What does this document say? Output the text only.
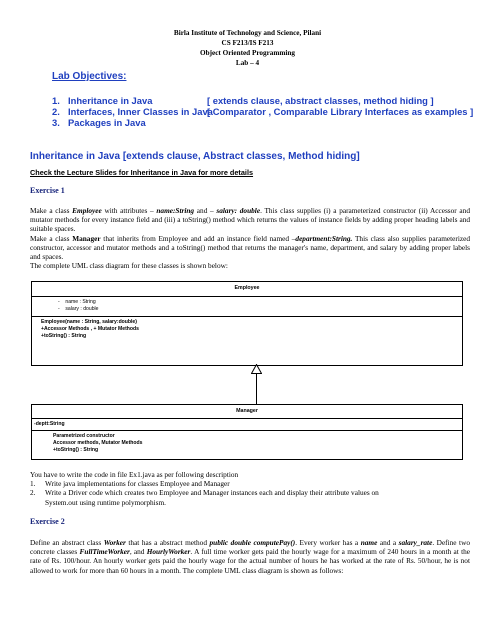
Birla Institute of Technology and Science, Pilani
CS F213/IS F213
Object Oriented Programming
Lab – 4
Lab Objectives:
1. Inheritance in Java	[ extends clause, abstract classes, method hiding ]
2. Interfaces, Inner Classes in Java[ Comparator , Comparable Library Interfaces as examples ]
3. Packages in Java
Inheritance in Java [extends clause, Abstract classes, Method hiding]
Check the Lecture Slides for Inheritance in Java for more details
Exercise 1

Make a class Employee with attributes – name:String and – salary: double. This class supplies (i) a parameterized constructor (ii) Accessor and mutator methods for every instance field and (iii) a toString() method which returns the values of instance fields by adding proper heading labels and suitable spaces.

Make a class Manager that inherits from Employee and add an instance field named –department:String. This class also supplies parameterized constructor, accessor and mutator methods and a toString() method that returns the manager's name, department, and salary by adding proper labels and spaces.

The complete UML class diagram for these classes is shown below:

Employee
-    name : String
-    salary : double
Employee(name : String, salary:double)
+Accessor Methods , + Mutator Methods
+toString() : String
Manager
-deptt:String
Parametrized constructor
Accessor methods, Mutator Methods
+toString() : String
You have to write the code in file Ex1.java as per following description
1. Write java implementations for classes Employee and Manager
2. Write a Driver code which creates two Employee and Manager instances each and display their attribute values on System.out using runtime polymorphism.
Exercise 2

Define an abstract class Worker that has a abstract method public double computePay(). Every worker has a name and a salary_rate. Define two concrete classes FullTimeWorker, and HourlyWorker. A full time worker gets paid the hourly wage for a maximum of 240 hours in a month at the rate of Rs. 100/hour. An hourly worker gets paid the hourly wage for the actual number of hours he has worked at the rate of Rs. 50/hour, he is not allowed to work for more than 60 hours in a month. The complete UML class diagram is shown as follows:
